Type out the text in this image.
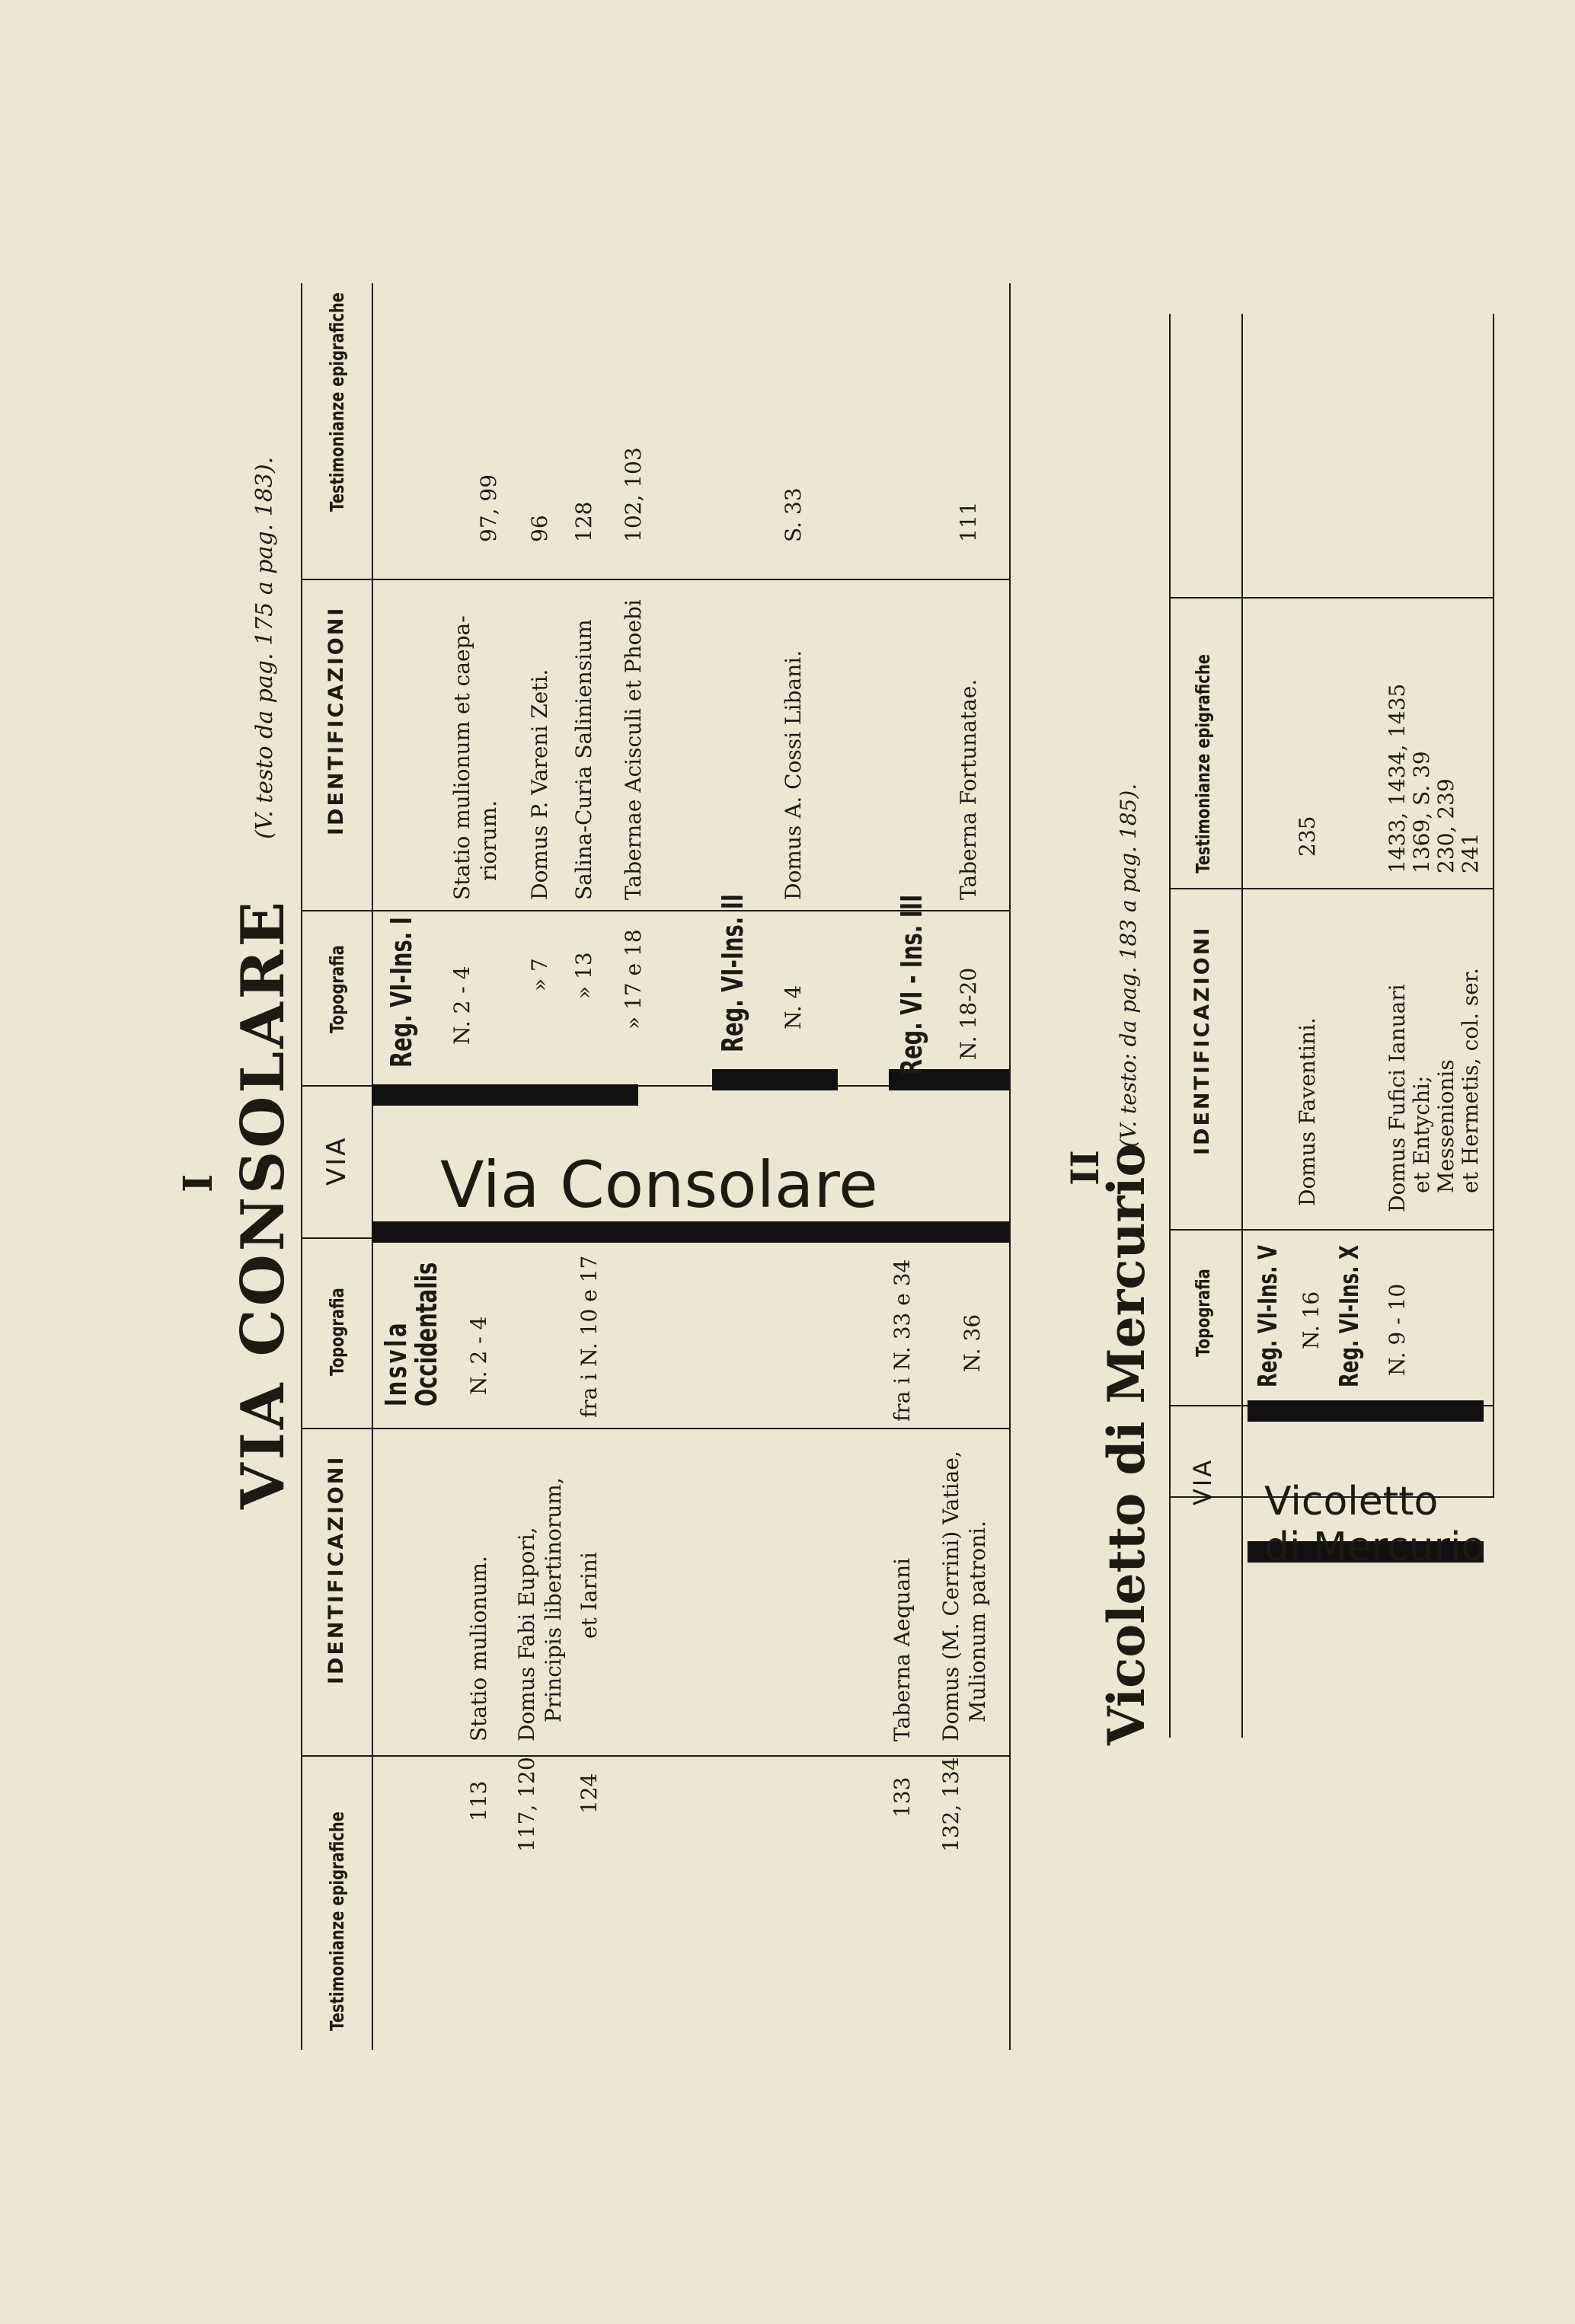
I VIA CONSOLARE
(V. testo da pag. 175 a pag. 183).
Testimonianze epigrafiche
IDENTIFICAZIONI
Topografia
VIA
Topografia
IDENTIFICAZIONI
Testimonianze epigrafiche
Via Consolare
Insvla
Occidentalis
113
Statio mulionum.
N. 2 - 4
117, 120
Domus Fabi Eupori, Principis libertinorum,
124
et Iarini
fra i N. 10 e 17
133
Taberna Aequani
fra i N. 33 e 34
132, 134
Domus (M. Cerrini) Vatiae, Mulionum patroni.
N. 36
Reg. VI-Ins. I N. 2 - 4
Statio mulionum et caepa- riorum.
97, 99
» 7
Domus P. Vareni Zeti.
96
» 13
Salina-Curia Saliniensium
128
» 17 e 18
Tabernae Acisculi et Phoebi
102, 103
Reg. VI-Ins. II N. 4
Domus A. Cossi Libani.
S. 33
Reg. VI - Ins. III N. 18-20
Taberna Fortunatae.
111
II
Vicoletto di Mercurio
(V. testo: da pag. 183 a pag. 185).
VIA
Topografia
IDENTIFICAZIONI
Testimonianze epigrafiche
Vicoletto
di Mercurio
Reg. VI-Ins. V N. 16 Reg. VI-Ins. X N. 9 - 10
Domus Faventini.	Domus Fufici Ianuari et Entychi; Messenionis et Hermetis, col. ser.
235	1433, 1434, 1435 1369, S. 39 230, 239 241
